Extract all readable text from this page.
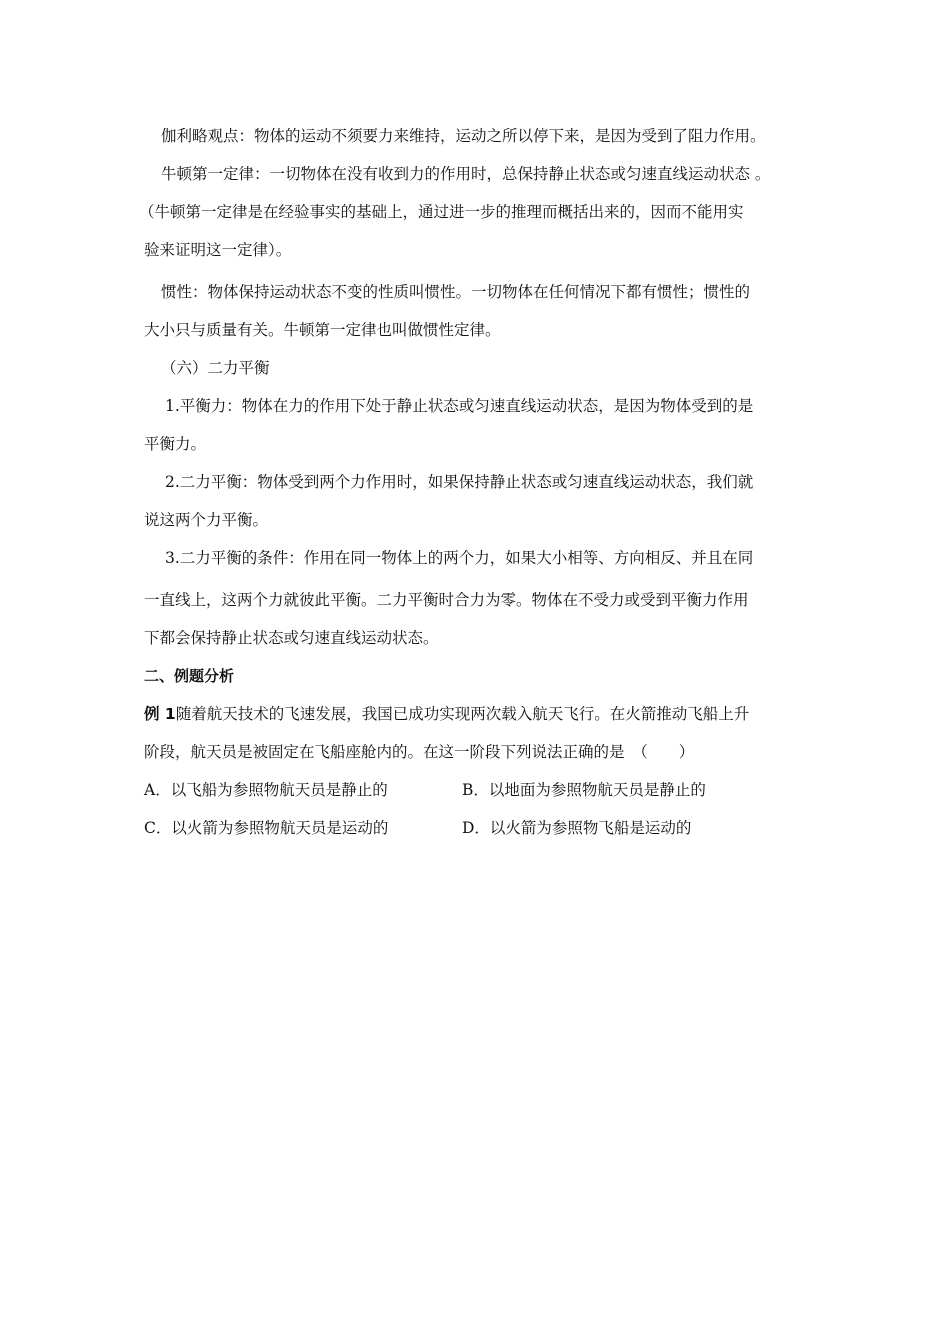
伽利略观点：物体的运动不须要力来维持，运动之所以停下来，是因为受到了阻力作用。
牛顿第一定律：一切物体在没有收到力的作用时，总保持静止状态或匀速直线运动状态 。
（牛顿第一定律是在经验事实的基础上，通过进一步的推理而概括出来的，因而不能用实
验来证明这一定律）。
惯性：物体保持运动状态不变的性质叫惯性。一切物体在任何情况下都有惯性；惯性的
大小只与质量有关。牛顿第一定律也叫做惯性定律。
（六）二力平衡
1.平衡力：物体在力的作用下处于静止状态或匀速直线运动状态，是因为物体受到的是
平衡力。
2.二力平衡：物体受到两个力作用时，如果保持静止状态或匀速直线运动状态，我们就
说这两个力平衡。
3.二力平衡的条件：作用在同一物体上的两个力，如果大小相等、方向相反、并且在同
一直线上，这两个力就彼此平衡。二力平衡时合力为零。物体在不受力或受到平衡力作用
下都会保持静止状态或匀速直线运动状态。
二、例题分析
例 1随着航天技术的飞速发展，我国已成功实现两次载入航天飞行。在火箭推动飞船上升
阶段，航天员是被固定在飞船座舱内的。在这一阶段下列说法正确的是　（　　）
A．以飞船为参照物航天员是静止的	B．以地面为参照物航天员是静止的
C．以火箭为参照物航天员是运动的	D．以火箭为参照物飞船是运动的
